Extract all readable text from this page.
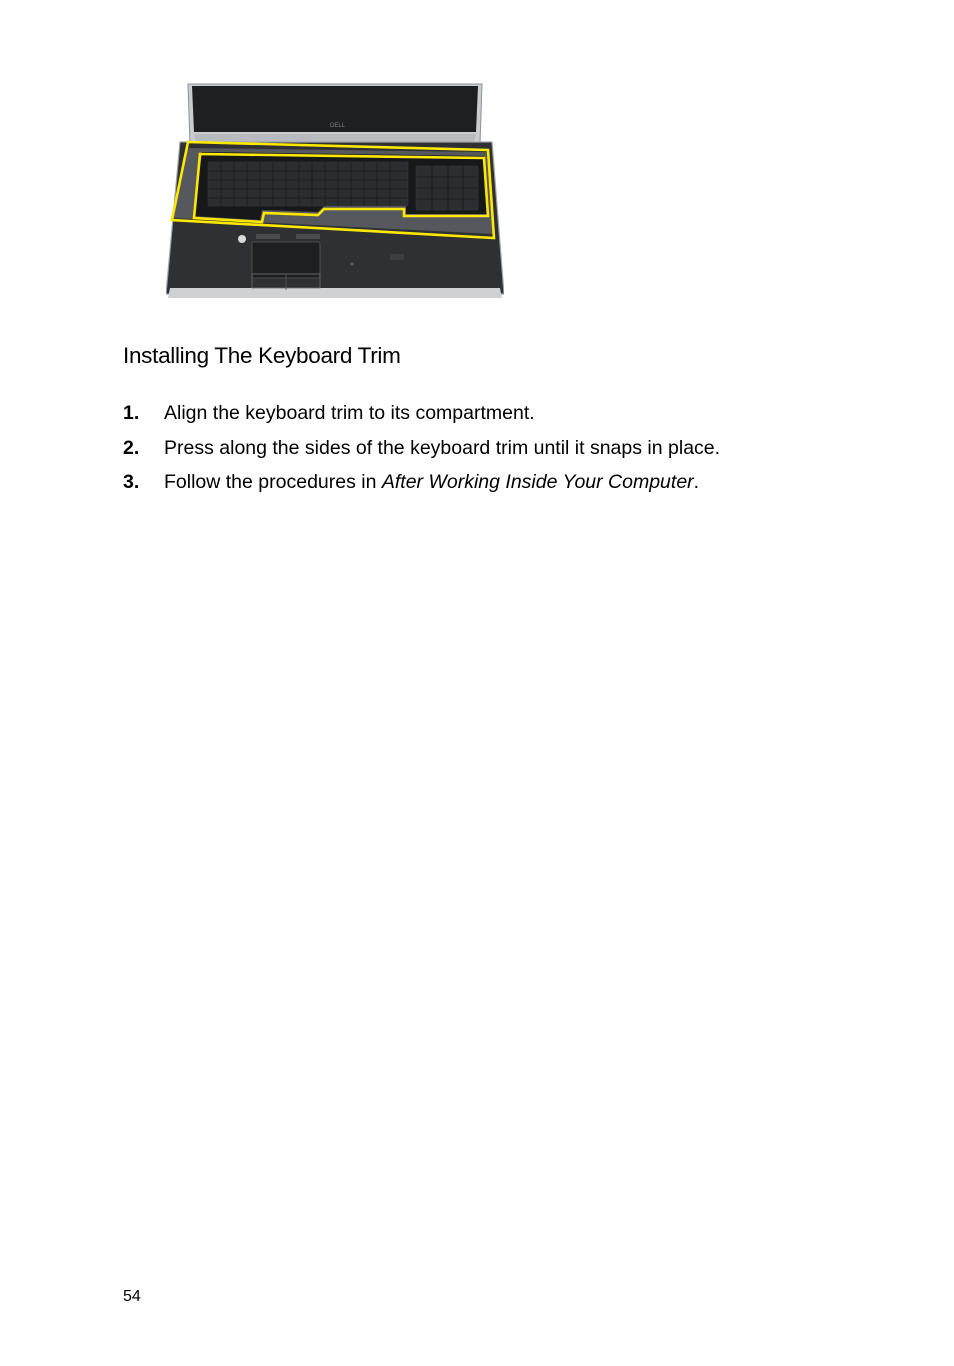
DELL
Installing The Keyboard Trim
1. Align the keyboard trim to its compartment.
2. Press along the sides of the keyboard trim until it snaps in place.
3. Follow the procedures in After Working Inside Your Computer.
54
